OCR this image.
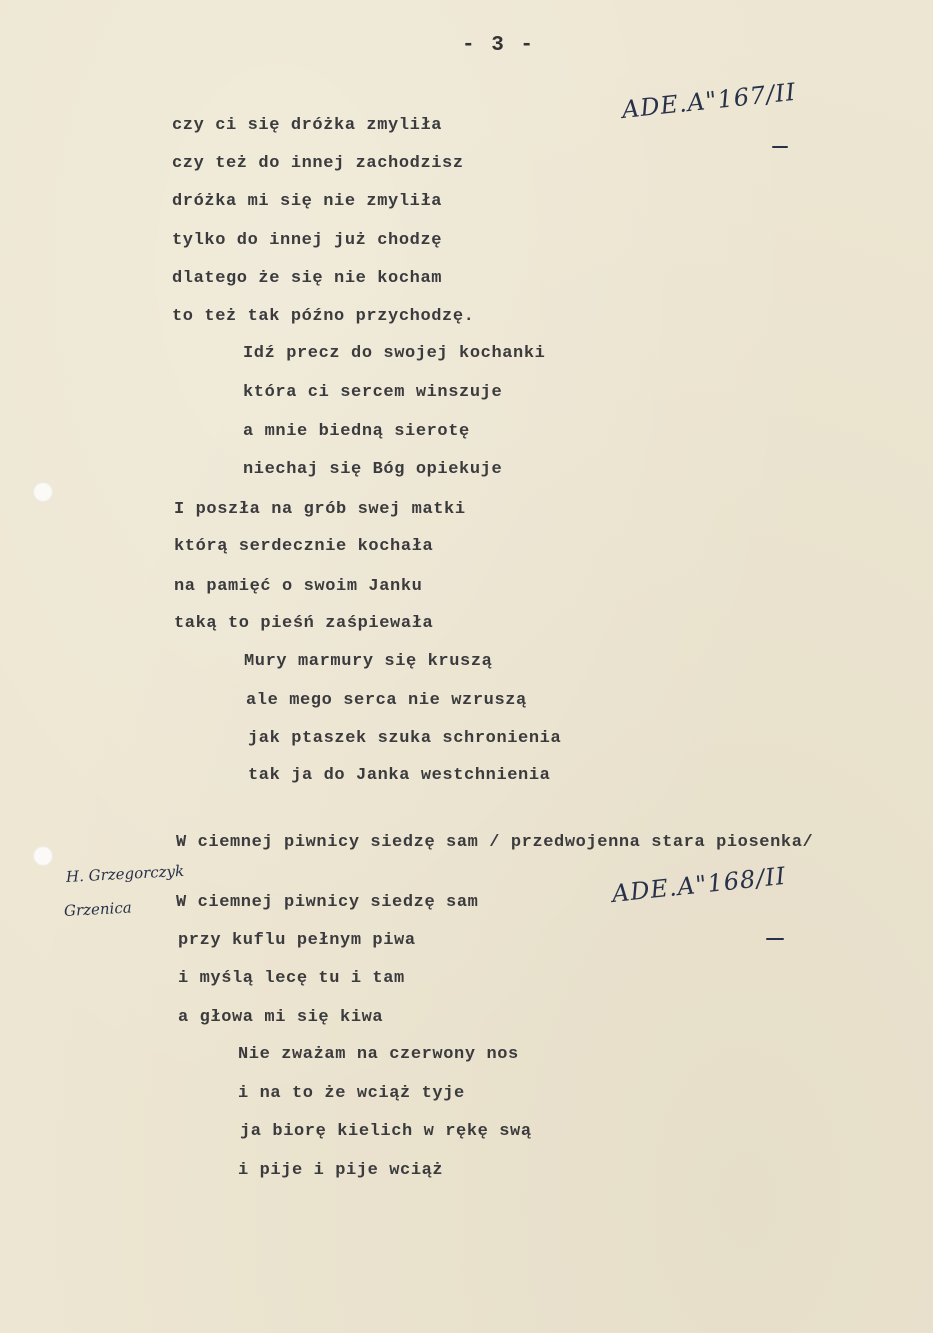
- 3 -
ADE.A"167/II
czy ci się dróżka zmyliła
czy też do innej zachodzisz
dróżka mi się nie zmyliła
tylko do innej już chodzę
dlatego że się nie kocham
to też tak późno przychodzę.
Idź precz do swojej kochanki
która ci sercem winszuje
a mnie biedną sierotę
niechaj się Bóg opiekuje
I poszła na grób swej matki
którą serdecznie kochała
na pamięć o swoim Janku
taką to pieśń zaśpiewała
Mury marmury się kruszą
ale mego serca nie wzruszą
jak ptaszek szuka schronienia
tak ja do Janka westchnienia
W ciemnej piwnicy siedzę sam / przedwojenna stara piosenka/
H. Grzegorczyk
Grzenica
ADE.A"168/II
W ciemnej piwnicy siedzę sam
przy kuflu pełnym piwa
i myślą lecę tu i tam
a głowa mi się kiwa
Nie zważam na czerwony nos
i na to że wciąż tyje
ja biorę kielich w rękę swą
i pije i pije wciąż
